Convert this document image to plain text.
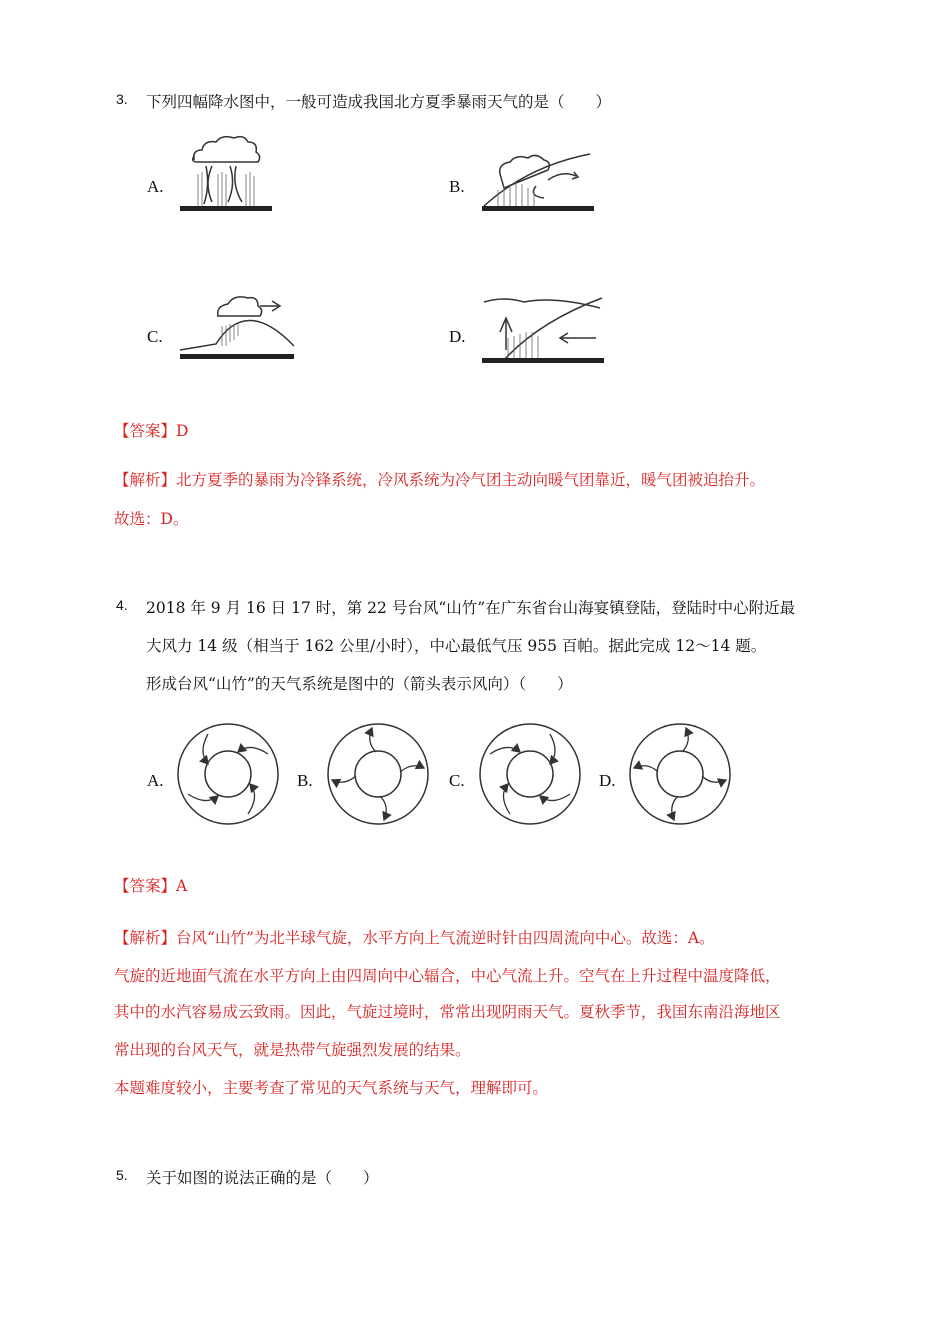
3. 下列四幅降水图中，一般可造成我国北方夏季暴雨天气的是（　　）
A.	B.
C.	D.
【答案】D
【解析】北方夏季的暴雨为冷锋系统，冷风系统为冷气团主动向暖气团靠近，暖气团被迫抬升。
故选：D。
4. 2018 年 9 月 16 日 17 时，第 22 号台风“山竹”在广东省台山海宴镇登陆，登陆时中心附近最
大风力 14 级（相当于 162 公里/小时），中心最低气压 955 百帕。据此完成 12～14 题。
形成台风“山竹”的天气系统是图中的（箭头表示风向）（　　）
A.	B.	C.	D.
【答案】A
【解析】台风“山竹”为北半球气旋，水平方向上气流逆时针由四周流向中心。故选：A。
气旋的近地面气流在水平方向上由四周向中心辐合，中心气流上升。空气在上升过程中温度降低，
其中的水汽容易成云致雨。因此，气旋过境时，常常出现阴雨天气。夏秋季节，我国东南沿海地区
常出现的台风天气，就是热带气旋强烈发展的结果。
本题难度较小，主要考查了常见的天气系统与天气，理解即可。
5. 关于如图的说法正确的是（　　）
